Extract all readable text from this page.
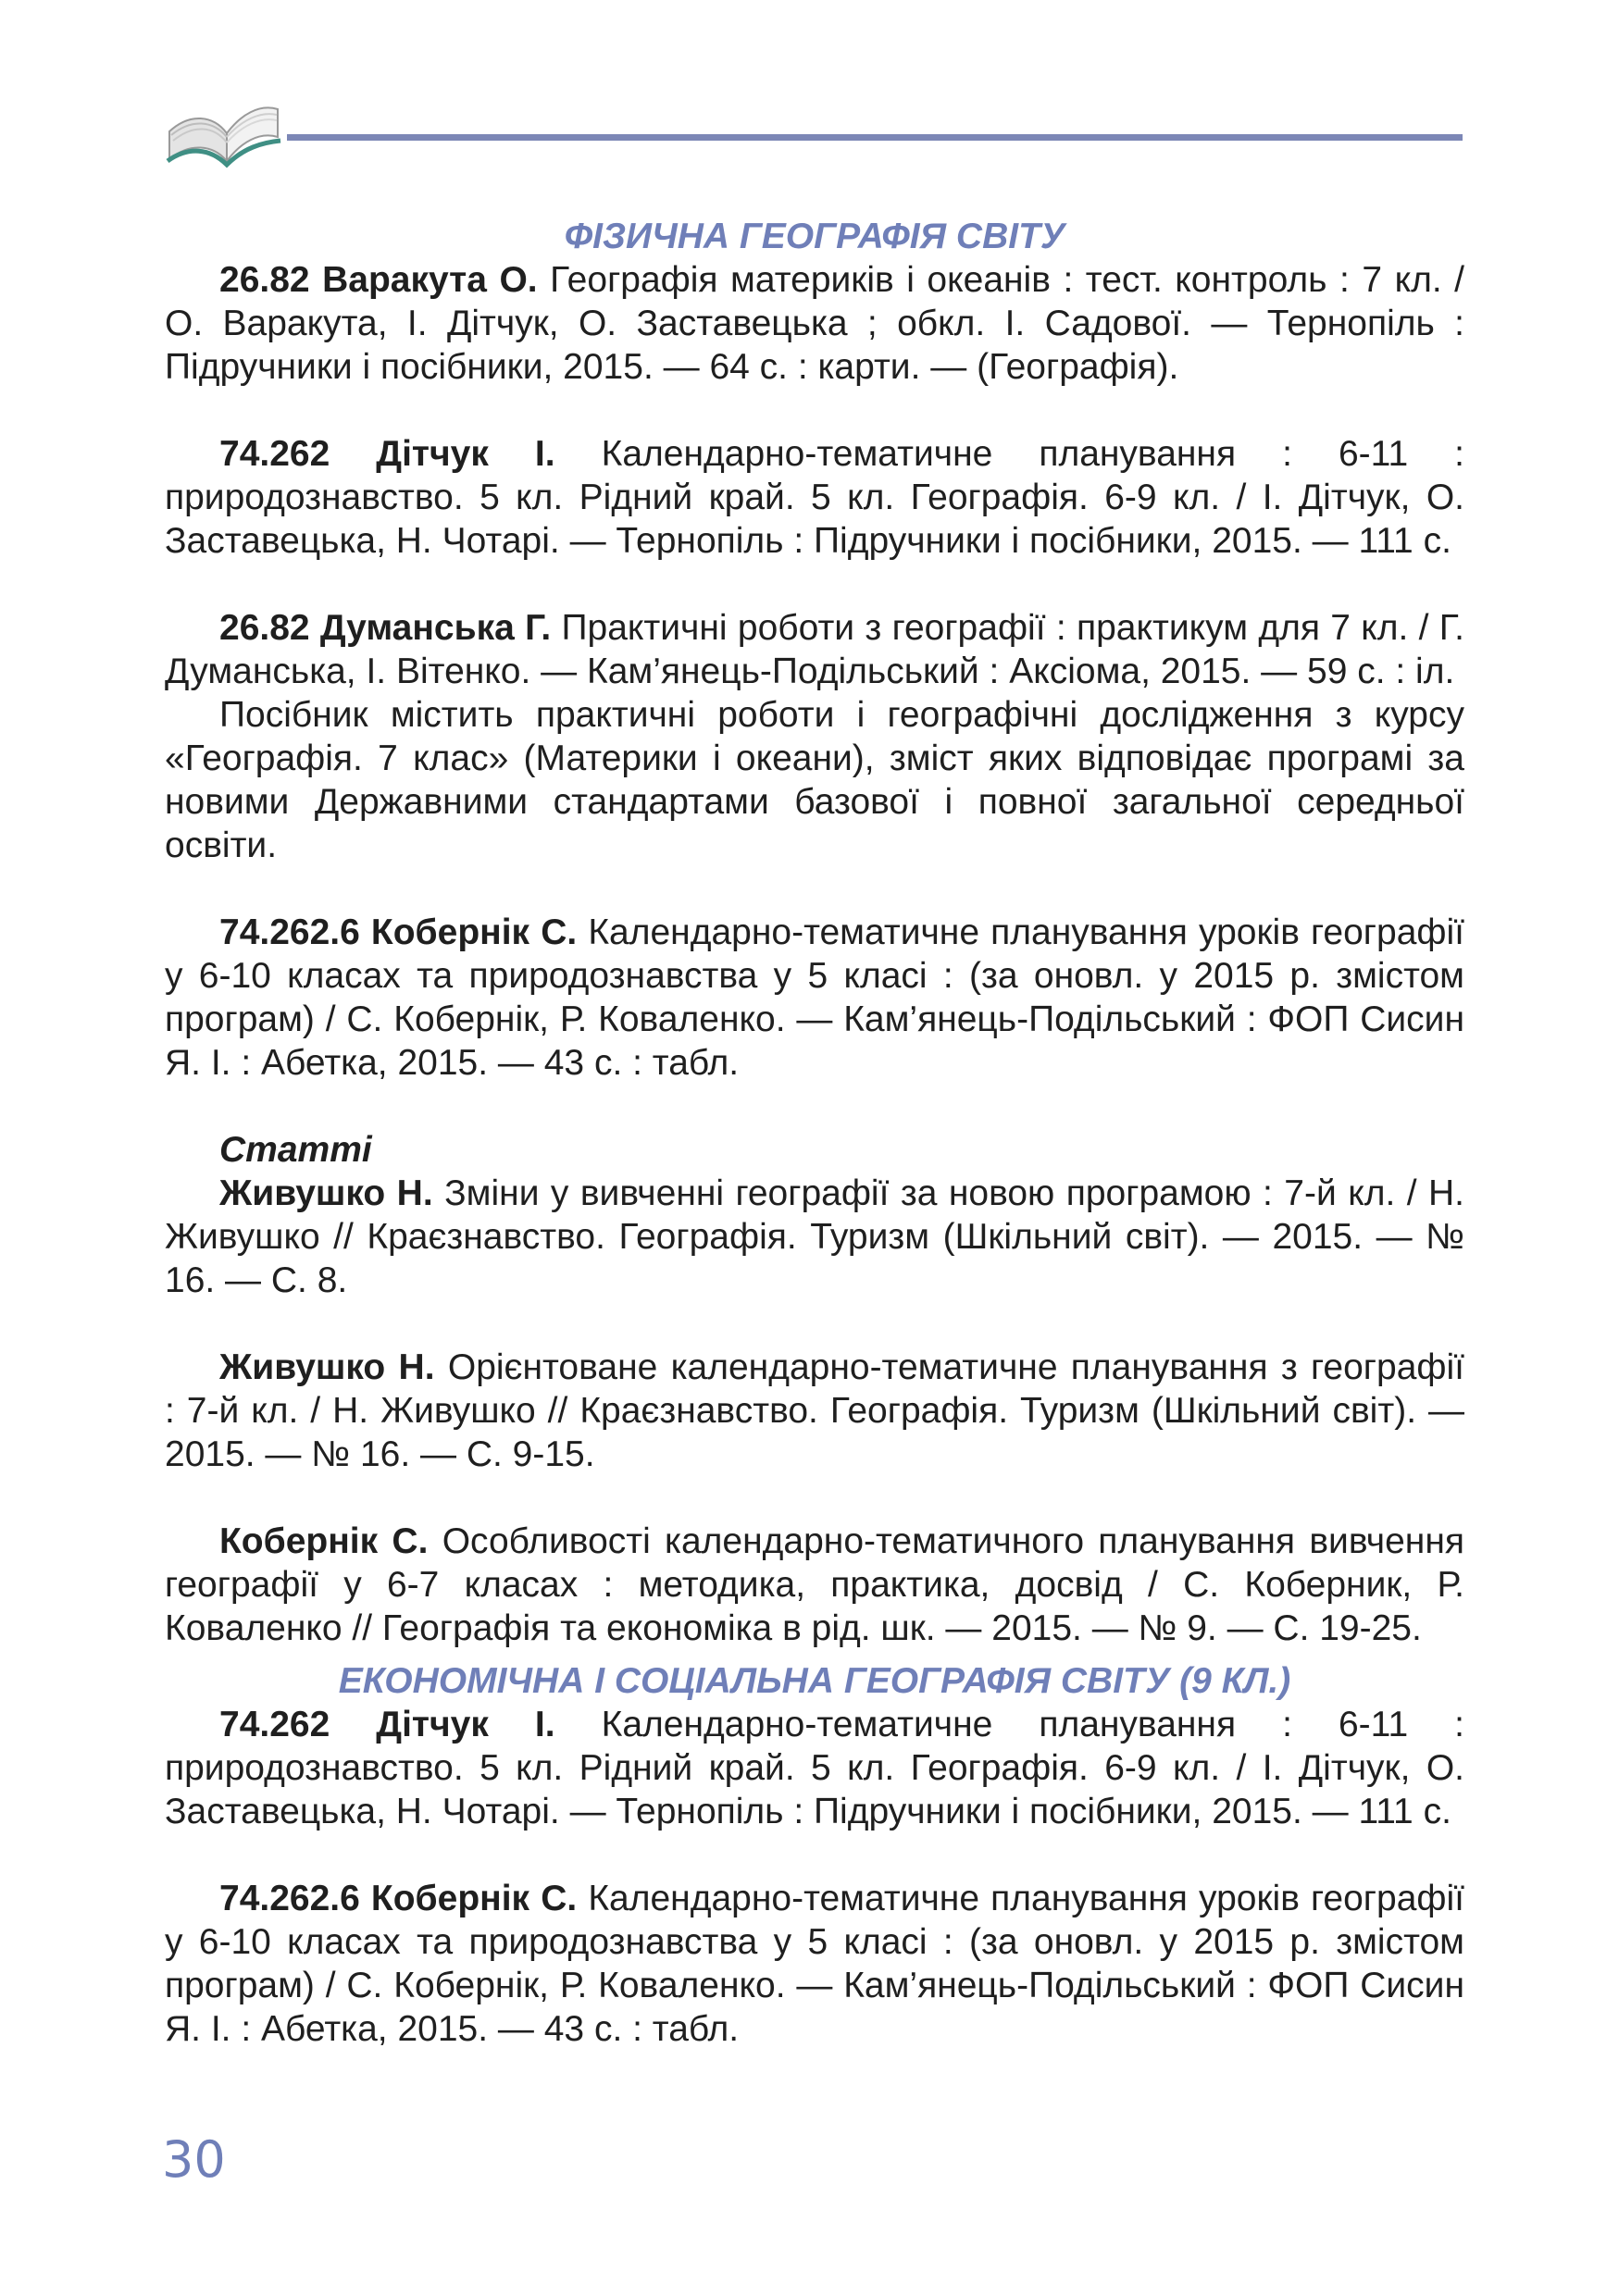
ФІЗИЧНА ГЕОГРАФІЯ СВІТУ

26.82 Варакута О. Географія материків і океанів : тест. контроль : 7 кл. / О. Варакута, І. Дітчук, О. Заставецька ; обкл. І. Садової. — Тернопіль : Підручники і посібники, 2015. — 64 с. : карти. — (Географія).

74.262 Дітчук І. Календарно-тематичне планування : 6-11 : природознавство. 5 кл. Рідний край. 5 кл. Географія. 6-9 кл. / І. Дітчук, О. Заставецька, Н. Чотарі. — Тернопіль : Підручники і посібники, 2015. — 111 с.

26.82 Думанська Г. Практичні роботи з географії : практикум для 7 кл. / Г. Думанська, І. Вітенко. — Кам’янець-Подільський : Аксіома, 2015. — 59 с. : іл.

Посібник містить практичні роботи і географічні дослідження з курсу «Географія. 7 клас» (Материки і океани), зміст яких відповідає програмі за новими Державними стандартами базової і повної загальної середньої освіти.

74.262.6 Кобернік С. Календарно-тематичне планування уроків географії у 6-10 класах та природознавства у 5 класі : (за оновл. у 2015 р. змістом програм) / С. Кобернік, Р. Коваленко. — Кам’янець-Подільський : ФОП Сисин Я. І. : Абетка, 2015. — 43 с. : табл.

Статті

Живушко Н. Зміни у вивченні географії за новою програмою : 7-й кл. / Н. Живушко // Краєзнавство. Географія. Туризм (Шкільний світ). — 2015. — № 16. — С. 8.

Живушко Н. Орієнтоване календарно-тематичне планування з географії : 7-й кл. / Н. Живушко // Краєзнавство. Географія. Туризм (Шкільний світ). — 2015. — № 16. — С. 9-15.

Кобернік С. Особливості календарно-тематичного планування вивчення географії у 6-7 класах : методика, практика, досвід / С. Коберник, Р. Коваленко // Географія та економіка в рід. шк. — 2015. — № 9. — С. 19-25.

ЕКОНОМІЧНА І СОЦІАЛЬНА ГЕОГРАФІЯ СВІТУ (9 КЛ.)

74.262 Дітчук І. Календарно-тематичне планування : 6-11 : природознавство. 5 кл. Рідний край. 5 кл. Географія. 6-9 кл. / І. Дітчук, О. Заставецька, Н. Чотарі. — Тернопіль : Підручники і посібники, 2015. — 111 с.

74.262.6 Кобернік С. Календарно-тематичне планування уроків географії у 6-10 класах та природознавства у 5 класі : (за оновл. у 2015 р. змістом програм) / С. Кобернік, Р. Коваленко. — Кам’янець-Подільський : ФОП Сисин Я. І. : Абетка, 2015. — 43 с. : табл.

30
